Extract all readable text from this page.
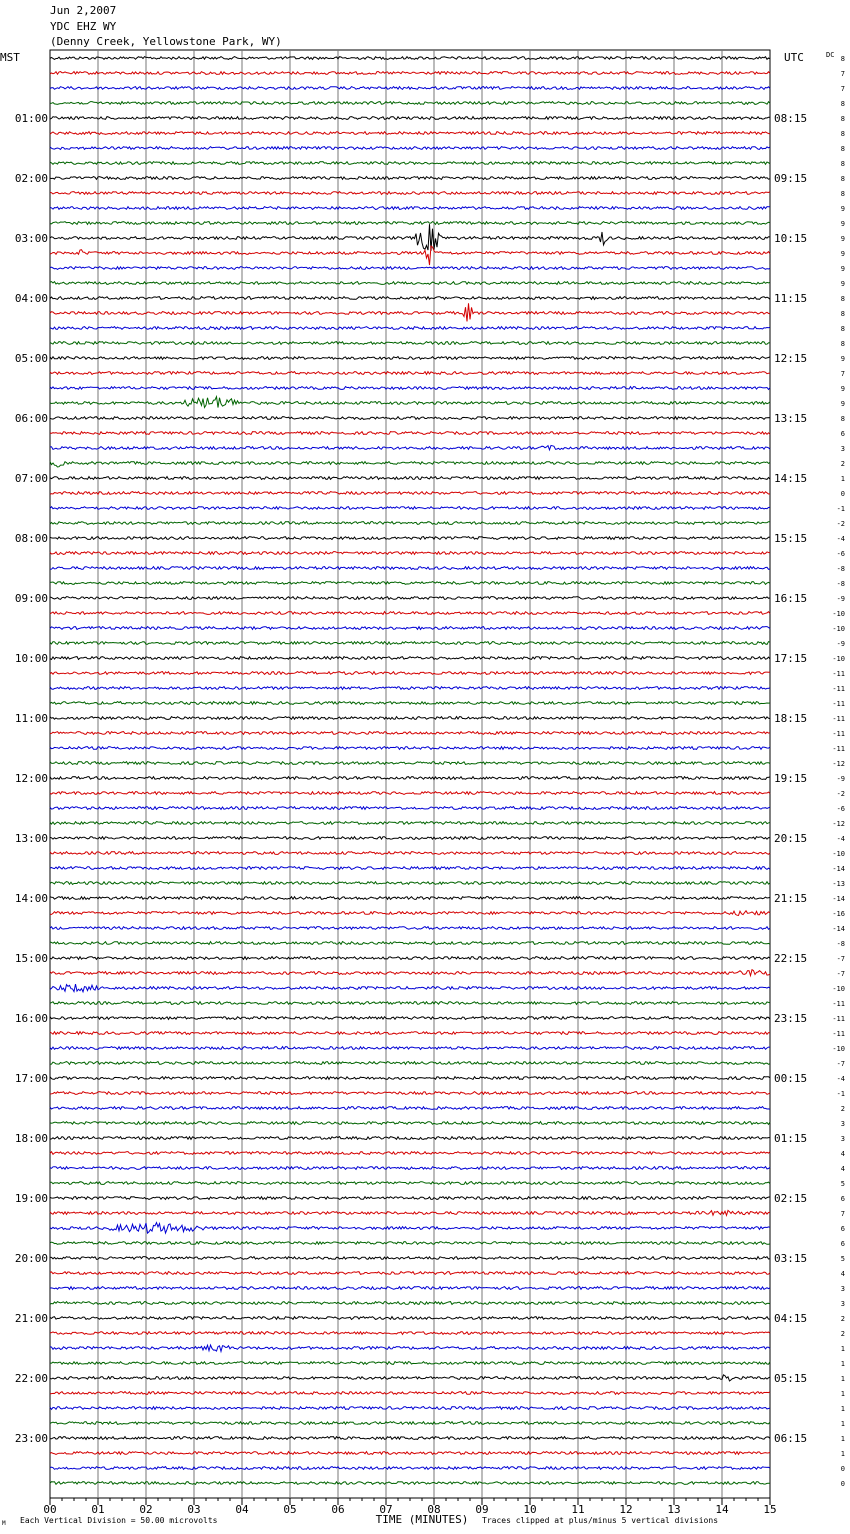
Jun 2,2007
YDC EHZ WY
(Denny Creek, Yellowstone Park, WY)
MST	UTC	DC
01:00
02:00
03:00
04:00
05:00
06:00
07:00
08:00
09:00
10:00
11:00
12:00
13:00
14:00
15:00
16:00
17:00
18:00
19:00
20:00
21:00
22:00
23:00
08:15
09:15
10:15
11:15
12:15
13:15
14:15
15:15
16:15
17:15
18:15
19:15
20:15
21:15
22:15
23:15
00:15
01:15
02:15
03:15
04:15
05:15
06:15
8
7
7
8
8
8
8
8
8
8
9
9
9
9
9
9
8
8
8
8
9
7
9
9
8
6
3
2
1
0
-1
-2
-4
-6
-8
-8
-9
-10
-10
-9
-10
-11
-11
-11
-11
-11
-11
-12
-9
-2
-6
-12
-4
-10
-14
-13
-14
-16
-14
-8
-7
-7
-10
-11
-11
-11
-10
-7
-4
-1
2
3
3
4
4
5
6
7
6
6
5
4
3
3
2
2
1
1
1
1
1
1
1
1
0
0
00	01	02	03	04	05	06	07	08	09	10	11	12	13	14	15
TIME (MINUTES)
Each Vertical Division = 50.00 microvolts	Traces clipped at plus/minus 5 vertical divisions
M
